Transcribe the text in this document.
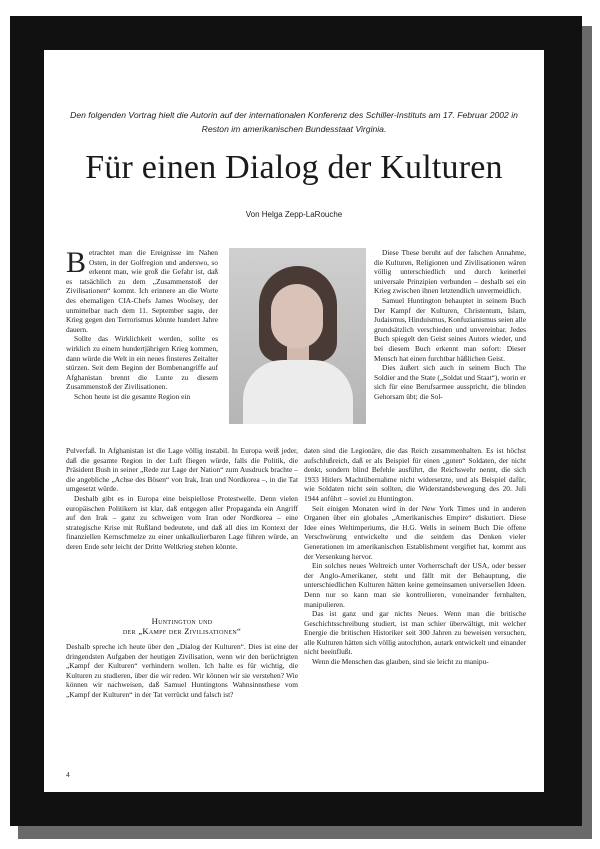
Den folgenden Vortrag hielt die Autorin auf der internationalen Konferenz des Schiller-Instituts am 17. Februar 2002 in Reston im amerikanischen Bundesstaat Virginia.
Für einen Dialog der Kulturen
Von Helga Zepp-LaRouche

Betrachtet man die Ereignisse im Nahen Osten, in der Golfregion und anderswo, so erkennt man, wie groß die Gefahr ist, daß es tatsächlich zu dem „Zusammenstoß der Zivilisationen“ kommt. Ich erinnere an die Worte des ehemaligen CIA-Chefs James Woolsey, der unmittelbar nach dem 11. September sagte, der Krieg gegen den Terrorismus könnte hundert Jahre dauern.

Sollte das Wirklichkeit werden, sollte es wirklich zu einem hundertjährigen Krieg kommen, dann würde die Welt in ein neues finsteres Zeitalter stürzen. Seit dem Beginn der Bombenangriffe auf Afghanistan brennt die Lunte zu diesem Zusammenstoß der Zivilisationen.

Schon heute ist die gesamte Region ein

Diese These beruht auf der falschen Annahme, die Kulturen, Religionen und Zivilisationen wären völlig unterschiedlich und durch keinerlei universale Prinzipien verbunden – deshalb sei ein Krieg zwischen ihnen letztendlich unvermeidlich.

Samuel Huntington behauptet in seinem Buch Der Kampf der Kulturen, Christentum, Islam, Judaismus, Hinduismus, Konfuzianismus seien alle grundsätzlich verschieden und unvereinbar. Jedes Buch spiegelt den Geist seines Autors wieder, und bei diesem Buch erkennt man sofort: Dieser Mensch hat einen furchtbar häßlichen Geist.

Dies äußert sich auch in seinem Buch The Soldier and the State („Soldat und Staat“), worin er sich für eine Berufsarmee ausspricht, die blinden Gehorsam übt; die Sol-

Pulverfaß. In Afghanistan ist die Lage völlig instabil. In Europa weiß jeder, daß die gesamte Region in der Luft fliegen würde, falls die Politik, die Präsident Bush in seiner „Rede zur Lage der Nation“ zum Ausdruck brachte – die angebliche „Achse des Bösen“ von Irak, Iran und Nordkorea –, in die Tat umgesetzt würde.

Deshalb gibt es in Europa eine beispiellose Protestwelle. Denn vielen europäischen Politikern ist klar, daß entgegen aller Propaganda ein Angriff auf den Irak – ganz zu schweigen vom Iran oder Nordkorea – eine strategische Krise mit Rußland bedeutete, und daß all dies im Kontext der finanziellen Kernschmelze zu einer unkalkulierbaren Lage führen würde, an deren Ende sehr leicht der Dritte Weltkrieg stehen könnte.

Huntington und
der „Kampf der Zivilisationen“

Deshalb spreche ich heute über den „Dialog der Kulturen“. Dies ist eine der dringendsten Aufgaben der heutigen Zivilisation, wenn wir den berüchtigten „Kampf der Kulturen“ verhindern wollen. Ich halte es für wichtig, die Kulturen zu studieren, über die wir reden. Wir können wir sie verstehen? Wie können wir nachweisen, daß Samuel Huntingtons Wahnsinnsthese vom „Kampf der Kulturen“ in der Tat verrückt und falsch ist?

daten sind die Legionäre, die das Reich zusammenhalten. Es ist höchst aufschlußreich, daß er als Beispiel für einen „guten“ Soldaten, der nicht denkt, sondern blind Befehle ausführt, die Reichswehr nennt, die sich 1933 Hitlers Machtübernahme nicht widersetzte, und als Beispiel dafür, wie Soldaten nicht sein sollten, die Widerstandsbewegung des 20. Juli 1944 anführt – soviel zu Huntington.

Seit einigen Monaten wird in der New York Times und in anderen Organen über ein globales „Amerikanisches Empire“ diskutiert. Diese Idee eines Weltimperiums, die H.G. Wells in seinem Buch Die offene Verschwörung entwickelte und die seitdem das Denken vieler Generationen im amerikanischen Establishment vergiftet hat, kommt aus der Versenkung hervor.

Ein solches neues Weltreich unter Vorherrschaft der USA, oder besser der Anglo-Amerikaner, steht und fällt mit der Behauptung, die unterschiedlichen Kulturen hätten keine gemeinsamen universellen Ideen. Denn nur so kann man sie kontrollieren, voneinander fernhalten, manipulieren.

Das ist ganz und gar nichts Neues. Wenn man die britische Geschichtsschreibung studiert, ist man schier überwältigt, mit welcher Energie die britischen Historiker seit 300 Jahren zu beweisen versuchen, alle Kulturen hätten sich völlig autochthon, autark entwickelt und einander nicht beeinflußt.

Wenn die Menschen das glauben, sind sie leicht zu manipu-

4
